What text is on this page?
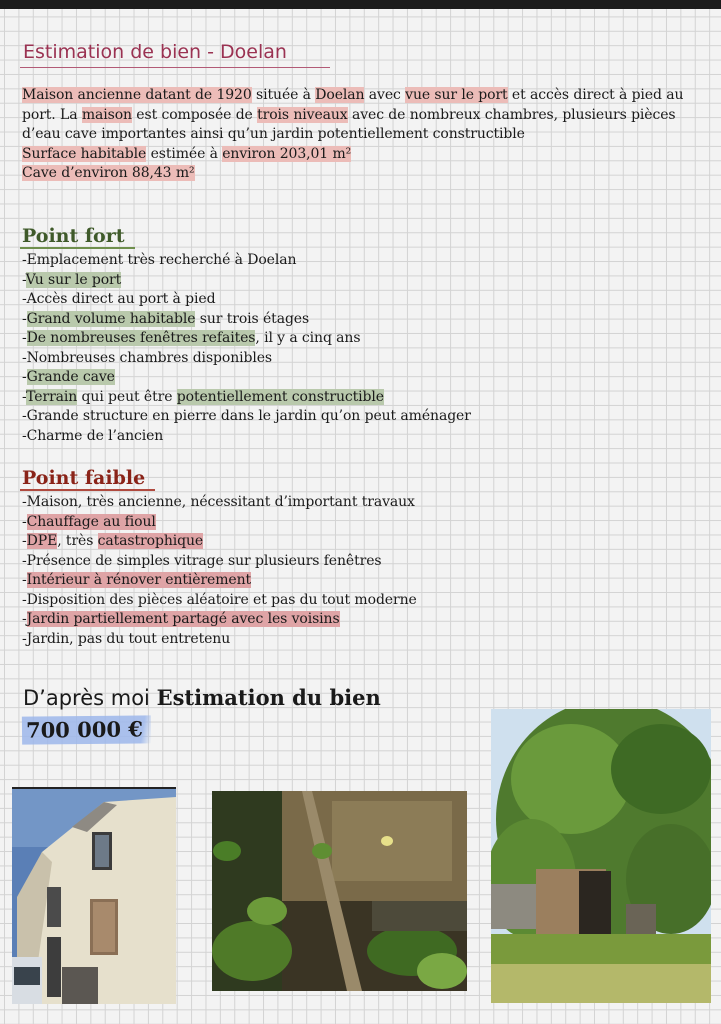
Estimation de bien - Doelan
Maison ancienne datant de 1920 située à Doelan avec vue sur le port et accès direct à pied au port. La maison est composée de trois niveaux avec de nombreux chambres, plusieurs pièces d’eau cave importantes ainsi qu’un jardin potentiellement constructible
Surface habitable estimée à environ 203,01 m²
Cave d’environ 88,43 m²
Point fort
-Emplacement très recherché à Doelan
-Vu sur le port
-Accès direct au port à pied
-Grand volume habitable sur trois étages
-De nombreuses fenêtres refaites, il y a cinq ans
-Nombreuses chambres disponibles
-Grande cave
-Terrain qui peut être potentiellement constructible
-Grande structure en pierre dans le jardin qu’on peut aménager
-Charme de l’ancien
Point faible
-Maison, très ancienne, nécessitant d’important travaux
-Chauffage au fioul
-DPE, très catastrophique
-Présence de simples vitrage sur plusieurs fenêtres
-Intérieur à rénover entièrement
-Disposition des pièces aléatoire et pas du tout moderne
-Jardin partiellement partagé avec les voisins
-Jardin, pas du tout entretenu

D’après moi Estimation du bien

700 000 €
